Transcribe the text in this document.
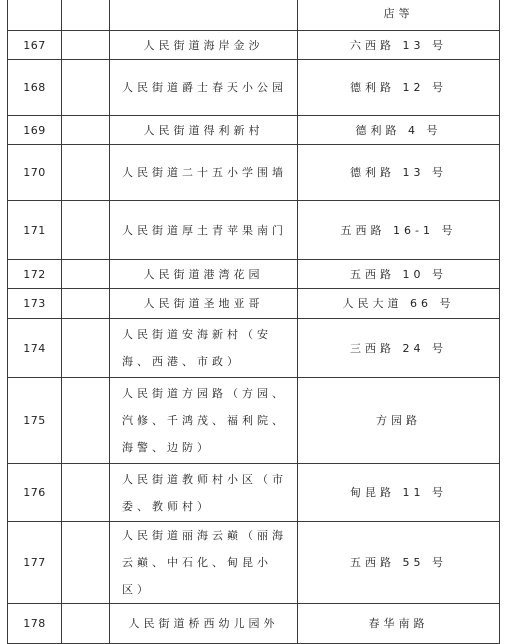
			店等
167		人民街道海岸金沙	六西路 13 号
168		人民街道爵士春天小公园	德利路 12 号
169		人民街道得利新村	德利路 4 号
170		人民街道二十五小学围墙	德利路 13 号
171		人民街道厚土青苹果南门	五西路 16-1 号
172		人民街道港湾花园	五西路 10 号
173		人民街道圣地亚哥	人民大道 66 号
174		人民街道安海新村（安海、西港、市政）	三西路 24 号
175		人民街道方园路（方园、汽修、千鸿茂、福利院、海警、边防）	方园路
176		人民街道教师村小区（市委、教师村）	甸昆路 11 号
177		人民街道丽海云巅（丽海云巅、中石化、甸昆小区）	五西路 55 号
178		人民街道桥西幼儿园外	春华南路
